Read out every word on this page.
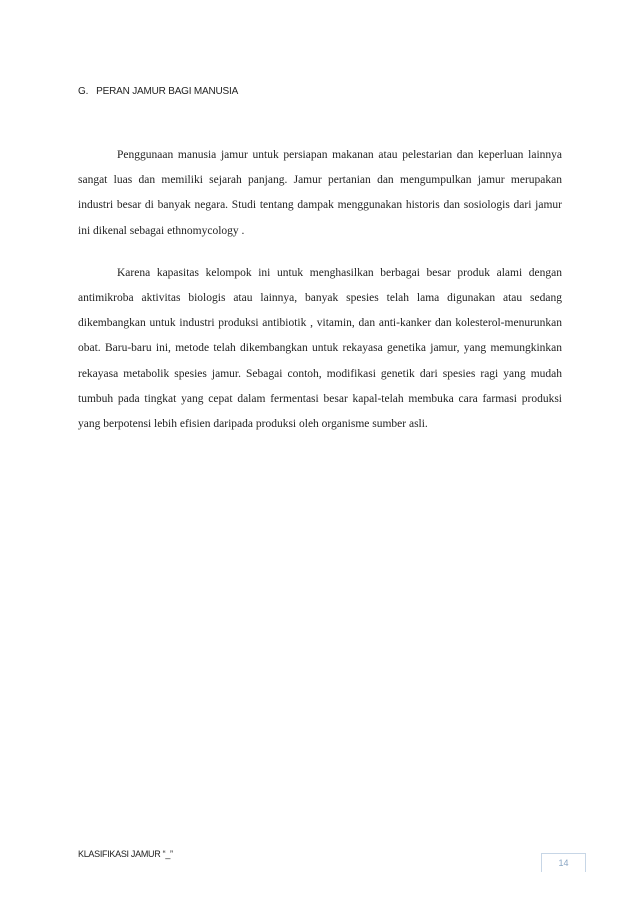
G. PERAN JAMUR BAGI MANUSIA

Penggunaan manusia jamur untuk persiapan makanan atau pelestarian dan keperluan lainnya sangat luas dan memiliki sejarah panjang. Jamur pertanian dan mengumpulkan jamur merupakan industri besar di banyak negara. Studi tentang dampak menggunakan historis dan sosiologis dari jamur ini dikenal sebagai ethnomycology .

Karena kapasitas kelompok ini untuk menghasilkan berbagai besar produk alami dengan antimikroba aktivitas biologis atau lainnya, banyak spesies telah lama digunakan atau sedang dikembangkan untuk industri produksi antibiotik , vitamin, dan anti-kanker dan kolesterol-menurunkan obat. Baru-baru ini, metode telah dikembangkan untuk rekayasa genetika jamur, yang memungkinkan rekayasa metabolik spesies jamur. Sebagai contoh, modifikasi genetik dari spesies ragi yang mudah tumbuh pada tingkat yang cepat dalam fermentasi besar kapal-telah membuka cara farmasi produksi yang berpotensi lebih efisien daripada produksi oleh organisme sumber asli.

KLASIFIKASI JAMUR “_”
14
